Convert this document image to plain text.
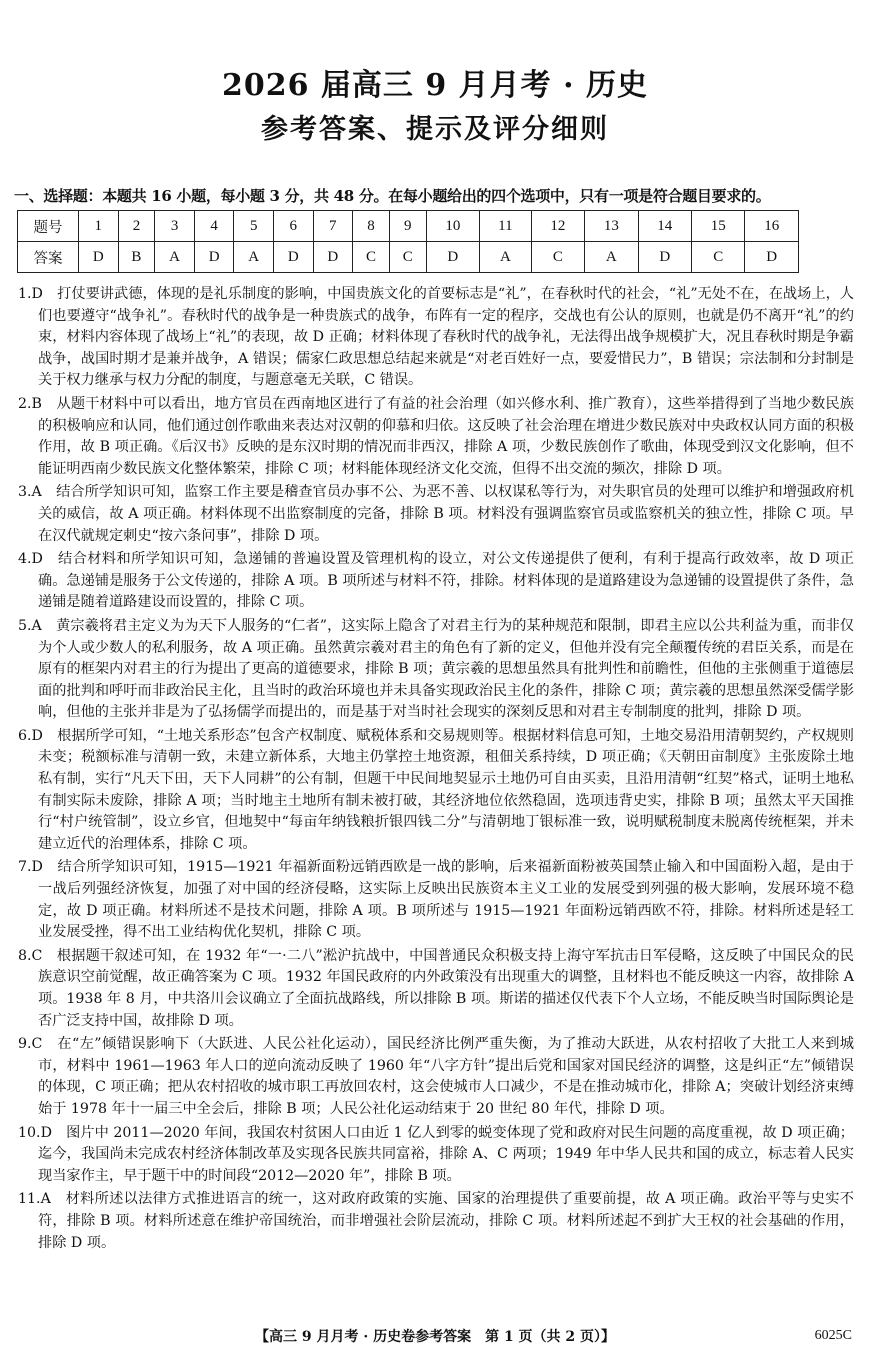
2026 届高三 9 月月考 · 历史
参考答案、提示及评分细则
一、选择题：本题共 16 小题，每小题 3 分，共 48 分。在每小题给出的四个选项中，只有一项是符合题目要求的。
题号	1	2	3	4	5	6	7	8	9	10	11	12	13	14	15	16
答案	D	B	A	D	A	D	D	C	C	D	A	C	A	D	C	D

1.D　打仗要讲武德，体现的是礼乐制度的影响，中国贵族文化的首要标志是“礼”，在春秋时代的社会，“礼”无处不在，在战场上，人们也要遵守“战争礼”。春秋时代的战争是一种贵族式的战争，布阵有一定的程序，交战也有公认的原则，也就是仍不离开“礼”的约束，材料内容体现了战场上“礼”的表现，故 D 正确；材料体现了春秋时代的战争礼，无法得出战争规模扩大，况且春秋时期是争霸战争，战国时期才是兼并战争，A 错误；儒家仁政思想总结起来就是“对老百姓好一点，要爱惜民力”，B 错误；宗法制和分封制是关于权力继承与权力分配的制度，与题意毫无关联，C 错误。

2.B　从题干材料中可以看出，地方官员在西南地区进行了有益的社会治理（如兴修水利、推广教育），这些举措得到了当地少数民族的积极响应和认同，他们通过创作歌曲来表达对汉朝的仰慕和归依。这反映了社会治理在增进少数民族对中央政权认同方面的积极作用，故 B 项正确。《后汉书》反映的是东汉时期的情况而非西汉，排除 A 项，少数民族创作了歌曲，体现受到汉文化影响，但不能证明西南少数民族文化整体繁荣，排除 C 项；材料能体现经济文化交流，但得不出交流的频次，排除 D 项。

3.A　结合所学知识可知，监察工作主要是稽查官员办事不公、为恶不善、以权谋私等行为，对失职官员的处理可以维护和增强政府机关的威信，故 A 项正确。材料体现不出监察制度的完备，排除 B 项。材料没有强调监察官员或监察机关的独立性，排除 C 项。早在汉代就规定刺史“按六条问事”，排除 D 项。

4.D　结合材料和所学知识可知，急递铺的普遍设置及管理机构的设立，对公文传递提供了便利，有利于提高行政效率，故 D 项正确。急递铺是服务于公文传递的，排除 A 项。B 项所述与材料不符，排除。材料体现的是道路建设为急递铺的设置提供了条件，急递铺是随着道路建设而设置的，排除 C 项。

5.A　黄宗羲将君主定义为为天下人服务的“仁者”，这实际上隐含了对君主行为的某种规范和限制，即君主应以公共利益为重，而非仅为个人或少数人的私利服务，故 A 项正确。虽然黄宗羲对君主的角色有了新的定义，但他并没有完全颠覆传统的君臣关系，而是在原有的框架内对君主的行为提出了更高的道德要求，排除 B 项；黄宗羲的思想虽然具有批判性和前瞻性，但他的主张侧重于道德层面的批判和呼吁而非政治民主化，且当时的政治环境也并未具备实现政治民主化的条件，排除 C 项；黄宗羲的思想虽然深受儒学影响，但他的主张并非是为了弘扬儒学而提出的，而是基于对当时社会现实的深刻反思和对君主专制制度的批判，排除 D 项。

6.D　根据所学可知，“土地关系形态”包含产权制度、赋税体系和交易规则等。根据材料信息可知，土地交易沿用清朝契约，产权规则未变；税额标准与清朝一致，未建立新体系，大地主仍掌控土地资源，租佃关系持续，D 项正确；《天朝田亩制度》主张废除土地私有制，实行“凡天下田，天下人同耕”的公有制，但题干中民间地契显示土地仍可自由买卖，且沿用清朝“红契”格式，证明土地私有制实际未废除，排除 A 项；当时地主土地所有制未被打破，其经济地位依然稳固，选项违背史实，排除 B 项；虽然太平天国推行“村户统管制”，设立乡官，但地契中“每亩年纳钱粮折银四钱二分”与清朝地丁银标准一致，说明赋税制度未脱离传统框架，并未建立近代的治理体系，排除 C 项。

7.D　结合所学知识可知，1915—1921 年福新面粉远销西欧是一战的影响，后来福新面粉被英国禁止输入和中国面粉入超，是由于一战后列强经济恢复，加强了对中国的经济侵略，这实际上反映出民族资本主义工业的发展受到列强的极大影响，发展环境不稳定，故 D 项正确。材料所述不是技术问题，排除 A 项。B 项所述与 1915—1921 年面粉远销西欧不符，排除。材料所述是轻工业发展受挫，得不出工业结构优化契机，排除 C 项。

8.C　根据题干叙述可知，在 1932 年“一·二八”淞沪抗战中，中国普通民众积极支持上海守军抗击日军侵略，这反映了中国民众的民族意识空前觉醒，故正确答案为 C 项。1932 年国民政府的内外政策没有出现重大的调整，且材料也不能反映这一内容，故排除 A 项。1938 年 8 月，中共洛川会议确立了全面抗战路线，所以排除 B 项。斯诺的描述仅代表下个人立场，不能反映当时国际舆论是否广泛支持中国，故排除 D 项。

9.C　在“左”倾错误影响下（大跃进、人民公社化运动），国民经济比例严重失衡，为了推动大跃进，从农村招收了大批工人来到城市，材料中 1961—1963 年人口的逆向流动反映了 1960 年“八字方针”提出后党和国家对国民经济的调整，这是纠正“左”倾错误的体现，C 项正确；把从农村招收的城市职工再放回农村，这会使城市人口减少，不是在推动城市化，排除 A；突破计划经济束缚始于 1978 年十一届三中全会后，排除 B 项；人民公社化运动结束于 20 世纪 80 年代，排除 D 项。

10.D　图片中 2011—2020 年间，我国农村贫困人口由近 1 亿人到零的蜕变体现了党和政府对民生问题的高度重视，故 D 项正确；迄今，我国尚未完成农村经济体制改革及实现各民族共同富裕，排除 A、C 两项；1949 年中华人民共和国的成立，标志着人民实现当家作主，早于题干中的时间段“2012—2020 年”，排除 B 项。

11.A　材料所述以法律方式推进语言的统一，这对政府政策的实施、国家的治理提供了重要前提，故 A 项正确。政治平等与史实不符，排除 B 项。材料所述意在维护帝国统治，而非增强社会阶层流动，排除 C 项。材料所述起不到扩大王权的社会基础的作用，排除 D 项。

【高三 9 月月考 · 历史卷参考答案　第 1 页（共 2 页）】	6025C
